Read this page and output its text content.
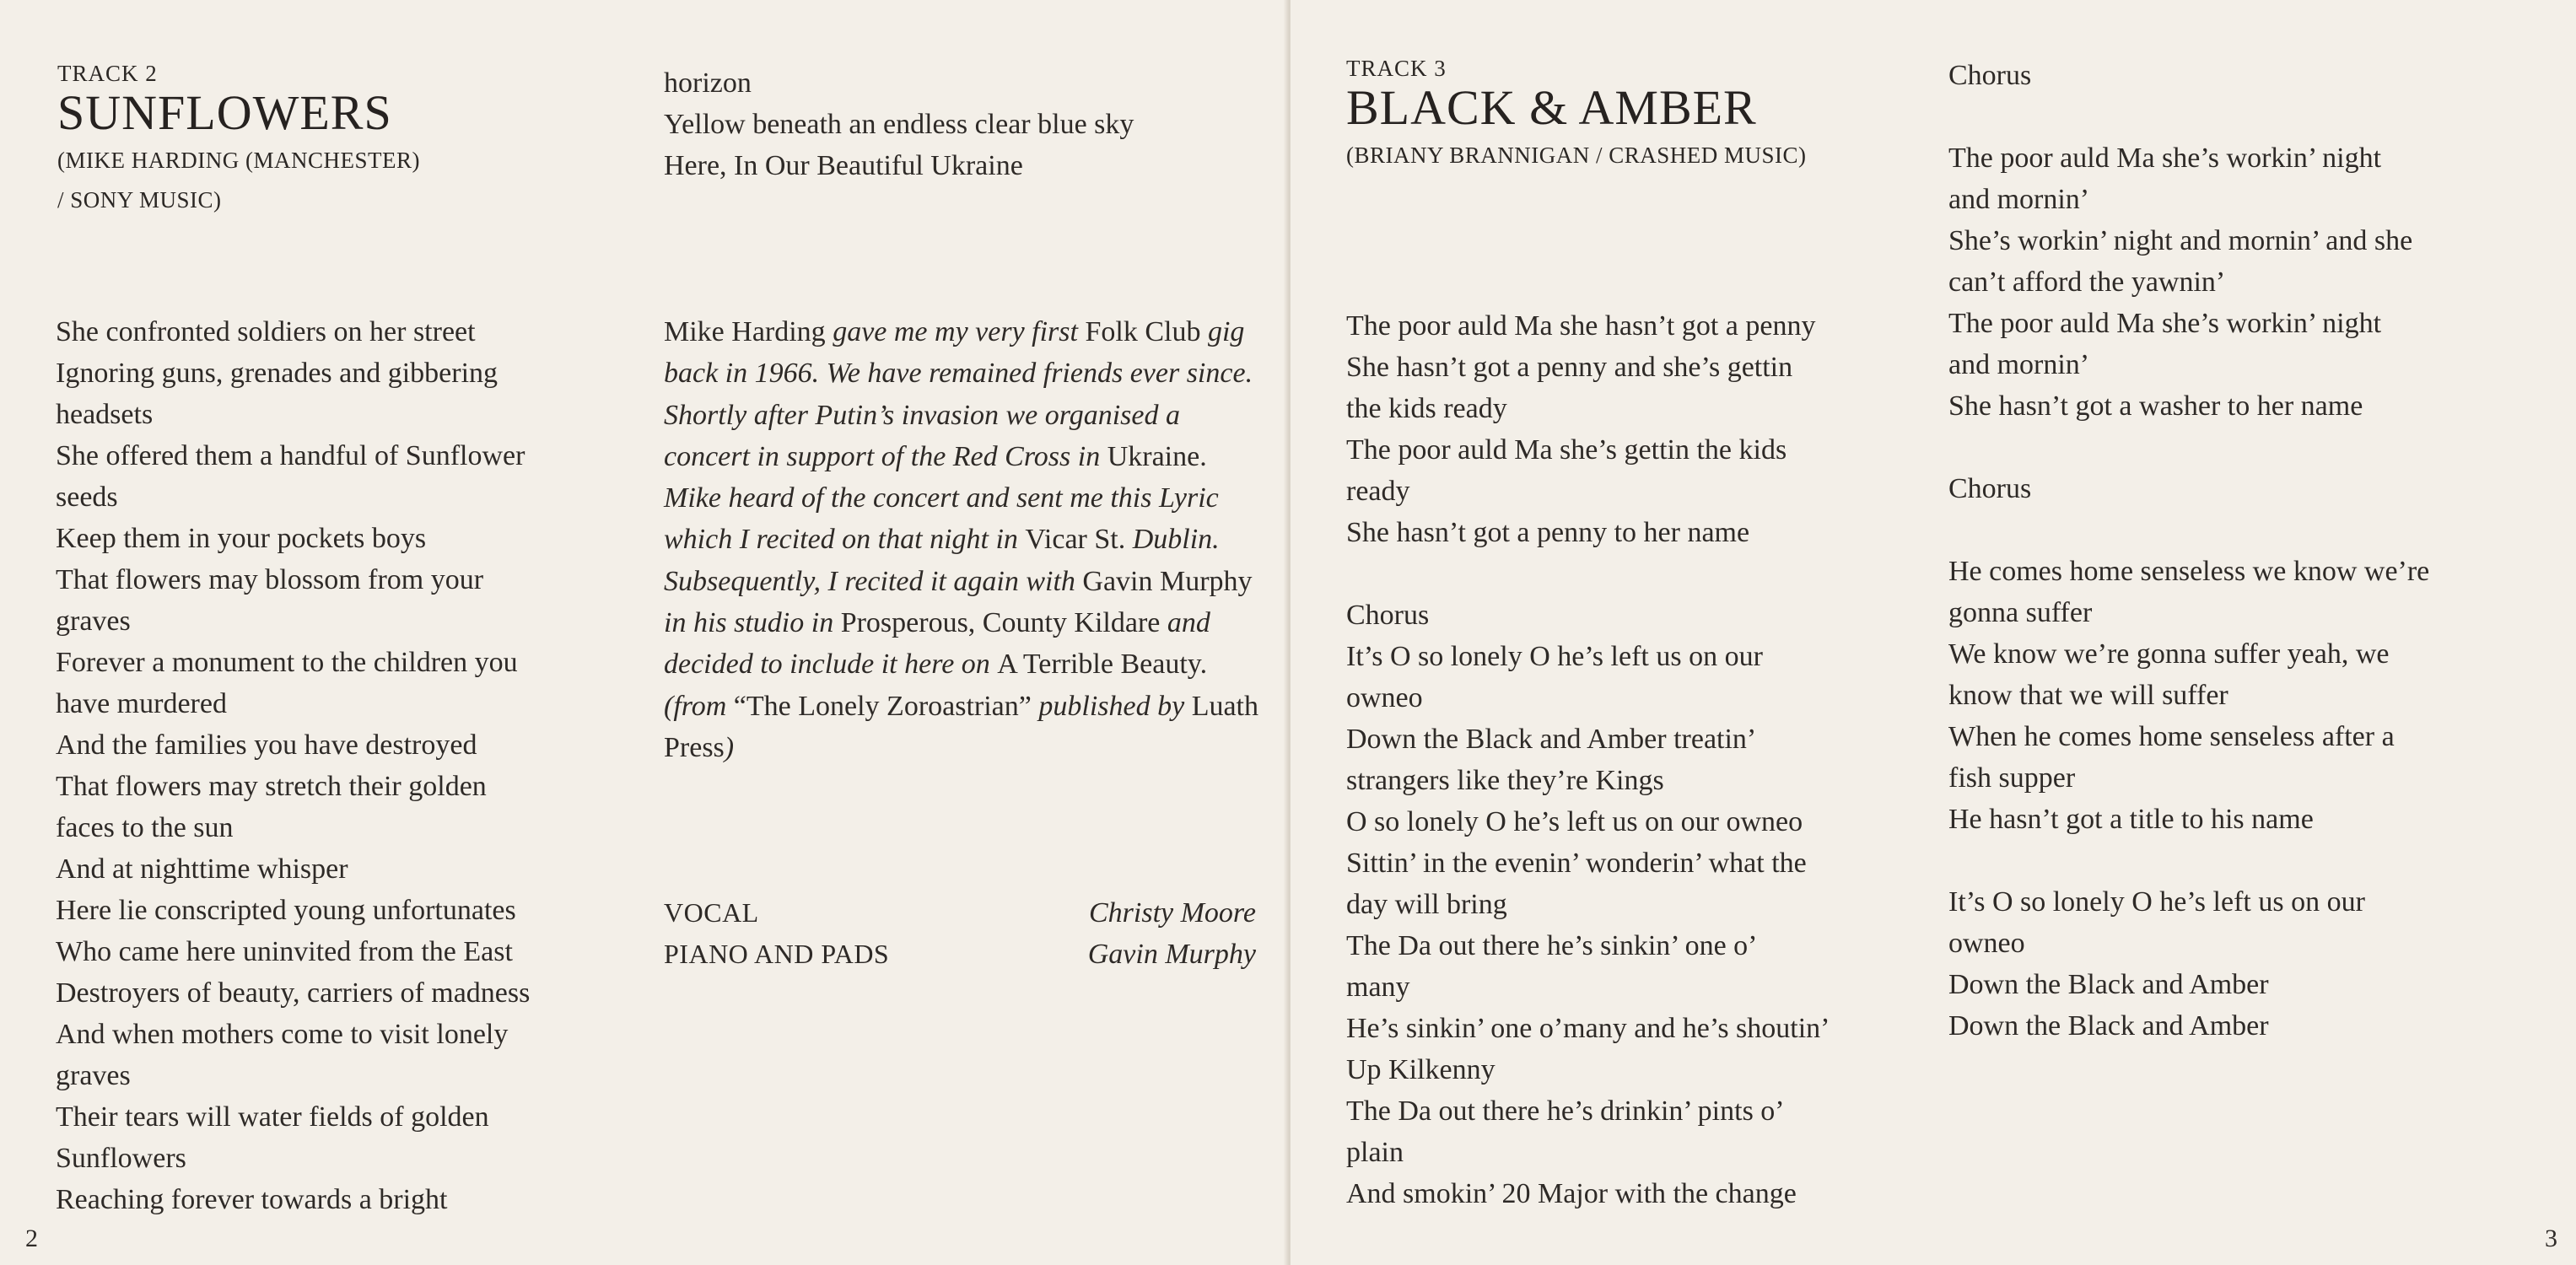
TRACK 2

SUNFLOWERS

(MIKE HARDING (MANCHESTER)

/ SONY MUSIC)

She confronted soldiers on her street
Ignoring guns, grenades and gibbering
headsets
She offered them a handful of Sunflower
seeds
Keep them in your pockets boys
That flowers may blossom from your
graves
Forever a monument to the children you
have murdered
And the families you have destroyed
That flowers may stretch their golden
faces to the sun
And at nighttime whisper
Here lie conscripted young unfortunates
Who came here uninvited from the East
Destroyers of beauty, carriers of madness
And when mothers come to visit lonely
graves
Their tears will water fields of golden
Sunflowers
Reaching forever towards a bright
horizon
Yellow beneath an endless clear blue sky
Here, In Our Beautiful Ukraine
Mike Harding gave me my very first Folk Club gig back in 1966. We have remained friends ever since. Shortly after Putin’s invasion we organised a concert in support of the Red Cross in Ukraine. Mike heard of the concert and sent me this Lyric which I recited on that night in Vicar St. Dublin. Subsequently, I recited it again with Gavin Murphy in his studio in Prosperous, County Kildare and decided to include it here on A Terrible Beauty. (from “The Lonely Zoroastrian” published by Luath Press)
VOCAL	Christy Moore
PIANO AND PADS	Gavin Murphy
2

TRACK 3

BLACK & AMBER

(BRIANY BRANNIGAN / CRASHED MUSIC)

The poor auld Ma she hasn’t got a penny
She hasn’t got a penny and she’s gettin
the kids ready
The poor auld Ma she’s gettin the kids
ready
She hasn’t got a penny to her name
Chorus
It’s O so lonely O he’s left us on our
owneo
Down the Black and Amber treatin’
strangers like they’re Kings
O so lonely O he’s left us on our owneo
Sittin’ in the evenin’ wonderin’ what the
day will bring
The Da out there he’s sinkin’ one o’
many
He’s sinkin’ one o’many and he’s shoutin’
Up Kilkenny
The Da out there he’s drinkin’ pints o’
plain
And smokin’ 20 Major with the change
Chorus
The poor auld Ma she’s workin’ night
and mornin’
She’s workin’ night and mornin’ and she
can’t afford the yawnin’
The poor auld Ma she’s workin’ night
and mornin’
She hasn’t got a washer to her name
Chorus
He comes home senseless we know we’re
gonna suffer
We know we’re gonna suffer yeah, we
know that we will suffer
When he comes home senseless after a
fish supper
He hasn’t got a title to his name
It’s O so lonely O he’s left us on our
owneo
Down the Black and Amber
Down the Black and Amber
3
